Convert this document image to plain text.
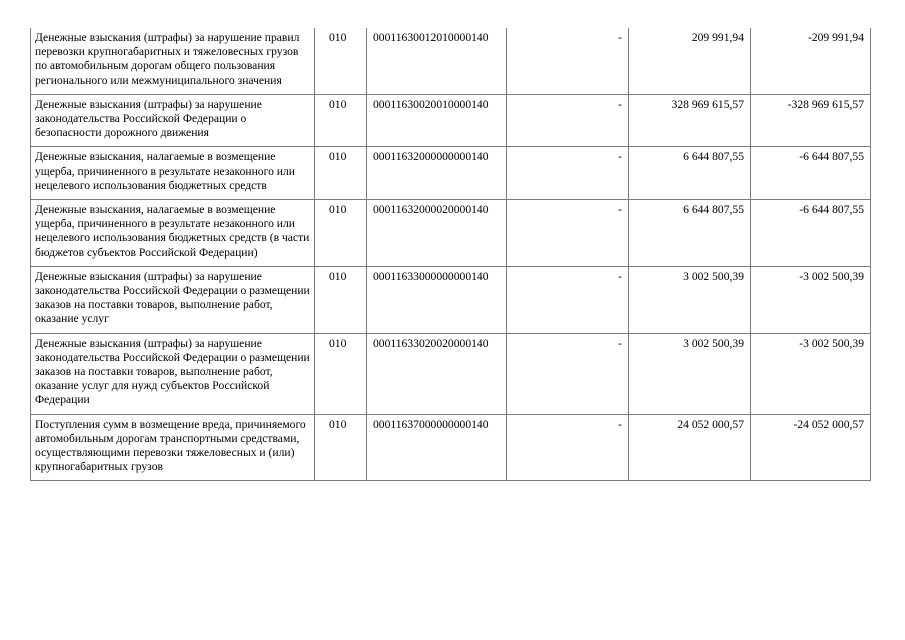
Денежные взыскания (штрафы) за нарушение правил перевозки крупногабаритных и тяжеловесных грузов по автомобильным дорогам общего пользования регионального или межмуниципального значения	010	00011630012010000140	-	209 991,94	-209 991,94
Денежные взыскания (штрафы) за нарушение законодательства Российской Федерации о безопасности дорожного движения	010	00011630020010000140	-	328 969 615,57	-328 969 615,57
Денежные взыскания, налагаемые в возмещение ущерба, причиненного в результате незаконного или нецелевого использования бюджетных средств	010	00011632000000000140	-	6 644 807,55	-6 644 807,55
Денежные взыскания, налагаемые в возмещение ущерба, причиненного в результате незаконного или нецелевого использования бюджетных средств (в части бюджетов субъектов Российской Федерации)	010	00011632000020000140	-	6 644 807,55	-6 644 807,55
Денежные взыскания (штрафы) за нарушение законодательства Российской Федерации о размещении заказов на поставки товаров, выполнение работ, оказание услуг	010	00011633000000000140	-	3 002 500,39	-3 002 500,39
Денежные взыскания (штрафы) за нарушение законодательства Российской Федерации о размещении заказов на поставки товаров, выполнение работ, оказание услуг для нужд субъектов Российской Федерации	010	00011633020020000140	-	3 002 500,39	-3 002 500,39
Поступления сумм в возмещение вреда, причиняемого автомобильным дорогам транспортными средствами, осуществляющими перевозки тяжеловесных и (или) крупногабаритных грузов	010	00011637000000000140	-	24 052 000,57	-24 052 000,57
